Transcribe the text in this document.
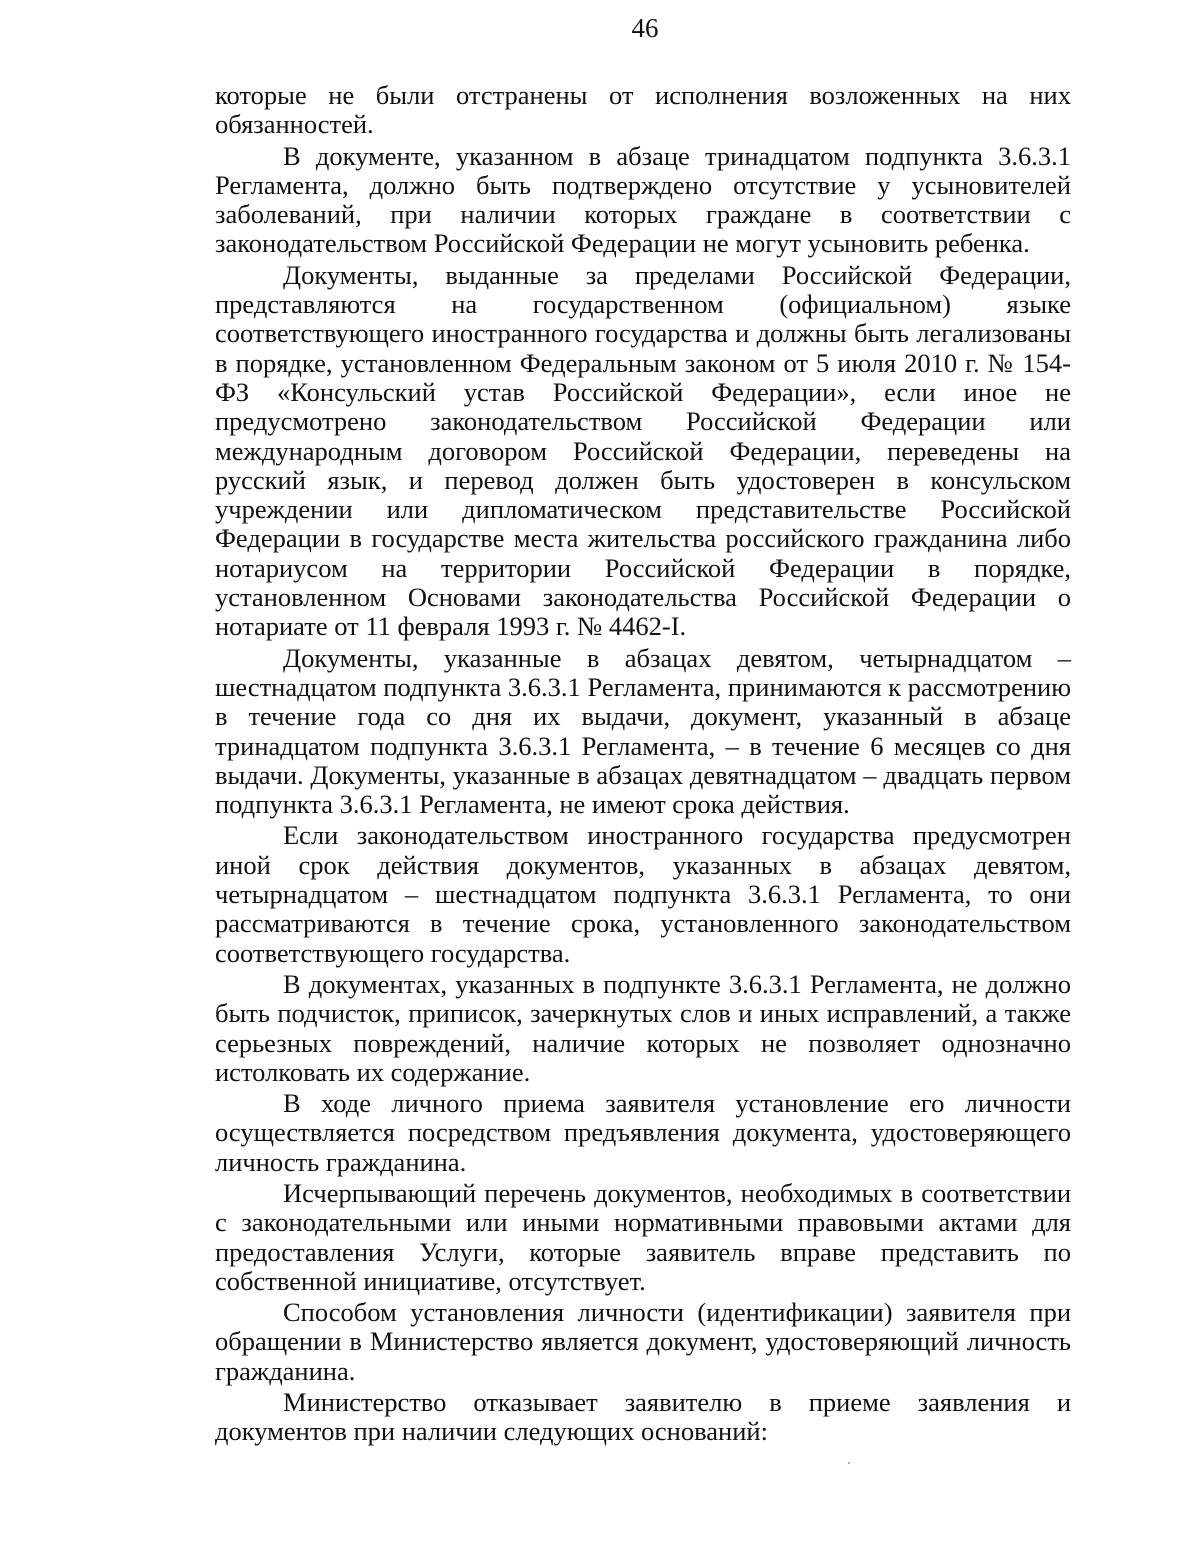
46

которые не были отстранены от исполнения возложенных на них обязанностей.

В документе, указанном в абзаце тринадцатом подпункта 3.6.3.1 Регламента, должно быть подтверждено отсутствие у усыновителей заболеваний, при наличии которых граждане в соответствии с законодательством Российской Федерации не могут усыновить ребенка.

Документы, выданные за пределами Российской Федерации, представляются на государственном (официальном) языке соответствующего иностранного государства и должны быть легализованы в порядке, установленном Федеральным законом от 5 июля 2010 г. № 154-ФЗ «Консульский устав Российской Федерации», если иное не предусмотрено законодательством Российской Федерации или международным договором Российской Федерации, переведены на русский язык, и перевод должен быть удостоверен в консульском учреждении или дипломатическом представительстве Российской Федерации в государстве места жительства российского гражданина либо нотариусом на территории Российской Федерации в порядке, установленном Основами законодательства Российской Федерации о нотариате от 11 февраля 1993 г. № 4462-I.

Документы, указанные в абзацах девятом, четырнадцатом – шестнадцатом подпункта 3.6.3.1 Регламента, принимаются к рассмотрению в течение года со дня их выдачи, документ, указанный в абзаце тринадцатом подпункта 3.6.3.1 Регламента, – в течение 6 месяцев со дня выдачи. Документы, указанные в абзацах девятнадцатом – двадцать первом подпункта 3.6.3.1 Регламента, не имеют срока действия.

Если законодательством иностранного государства предусмотрен иной срок действия документов, указанных в абзацах девятом, четырнадцатом – шестнадцатом подпункта 3.6.3.1 Регламента, то они рассматриваются в течение срока, установленного законодательством соответствующего государства.

В документах, указанных в подпункте 3.6.3.1 Регламента, не должно быть подчисток, приписок, зачеркнутых слов и иных исправлений, а также серьезных повреждений, наличие которых не позволяет однозначно истолковать их содержание.

В ходе личного приема заявителя установление его личности осуществляется посредством предъявления документа, удостоверяющего личность гражданина.

Исчерпывающий перечень документов, необходимых в соответствии с законодательными или иными нормативными правовыми актами для предоставления Услуги, которые заявитель вправе представить по собственной инициативе, отсутствует.

Способом установления личности (идентификации) заявителя при обращении в Министерство является документ, удостоверяющий личность гражданина.

Министерство отказывает заявителю в приеме заявления и документов при наличии следующих оснований:
